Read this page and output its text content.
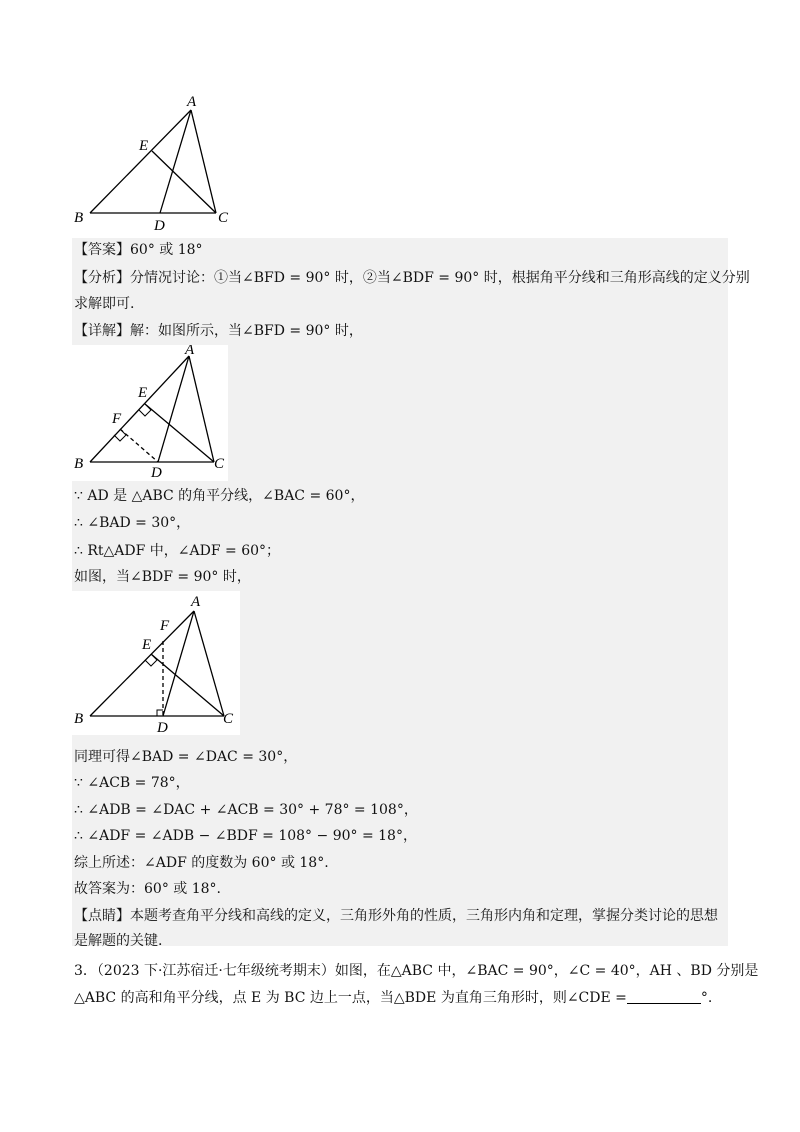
A
E
B	D	C
【答案】60° 或 18°
【分析】分情况讨论：①当∠BFD = 90° 时，②当∠BDF = 90° 时，根据角平分线和三角形高线的定义分别
求解即可.
【详解】解：如图所示，当∠BFD = 90° 时，
A
E
F
B
D
C
∵ AD 是 △ABC 的角平分线，∠BAC = 60°，
∴ ∠BAD = 30°，
∴ Rt△ADF 中，∠ADF = 60°；
如图，当∠BDF = 90° 时，
A
F
E
B
D
C
同理可得∠BAD = ∠DAC = 30°，
∵ ∠ACB = 78°，
∴ ∠ADB = ∠DAC + ∠ACB = 30° + 78° = 108°，
∴ ∠ADF = ∠ADB − ∠BDF = 108° − 90° = 18°，
综上所述：∠ADF 的度数为 60° 或 18°.
故答案为：60° 或 18°.
【点睛】本题考查角平分线和高线的定义，三角形外角的性质，三角形内角和定理，掌握分类讨论的思想
是解题的关键.
3．（2023 下·江苏宿迁·七年级统考期末）如图，在△ABC 中，∠BAC = 90°，∠C = 40°，AH 、BD 分别是
△ABC 的高和角平分线，点 E 为 BC 边上一点，当△BDE 为直角三角形时，则∠CDE =	°.
